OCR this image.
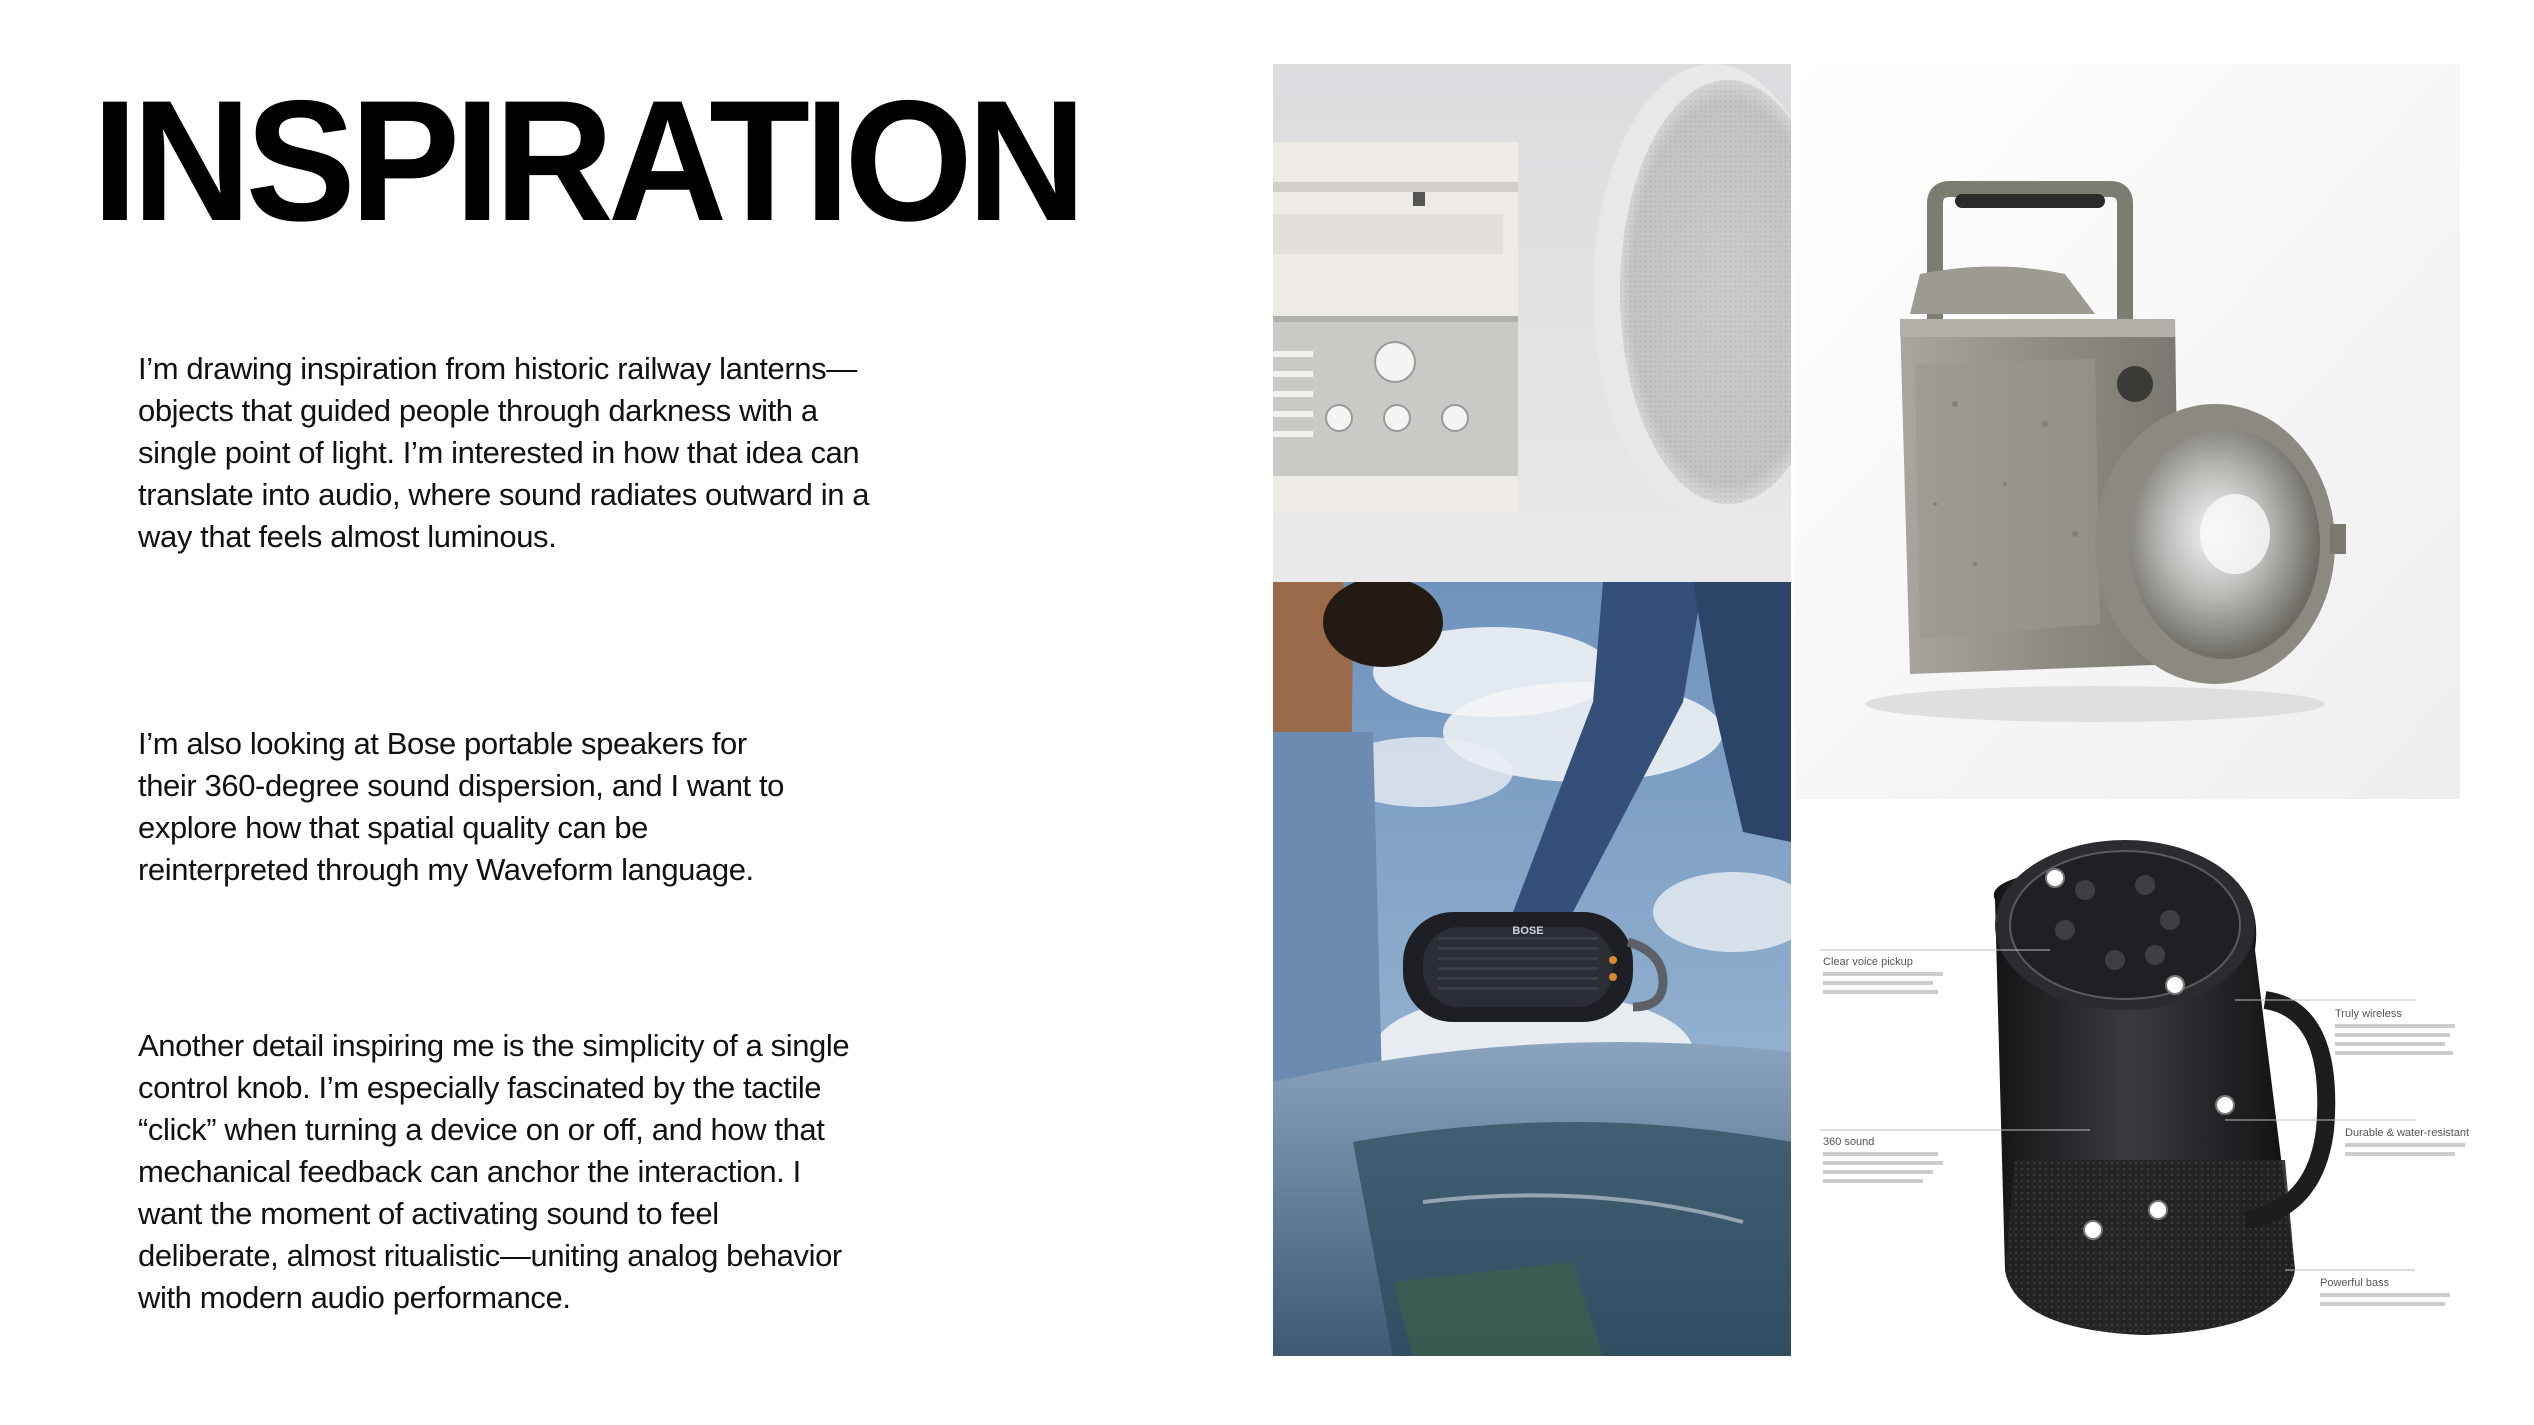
INSPIRATION

I’m drawing inspiration from historic railway lanterns—
objects that guided people through darkness with a
single point of light. I’m interested in how that idea can
translate into audio, where sound radiates outward in a
way that feels almost luminous.

I’m also looking at Bose portable speakers for
their 360-degree sound dispersion, and I want to
explore how that spatial quality can be
reinterpreted through my Waveform language.

Another detail inspiring me is the simplicity of a single
control knob. I’m especially fascinated by the tactile
“click” when turning a device on or off, and how that
mechanical feedback can anchor the interaction. I
want the moment of activating sound to feel
deliberate, almost ritualistic—uniting analog behavior
with modern audio performance.

BOSE
Clear voice pickup
Truly wireless
360 sound
Durable & water-resistant
Powerful bass
